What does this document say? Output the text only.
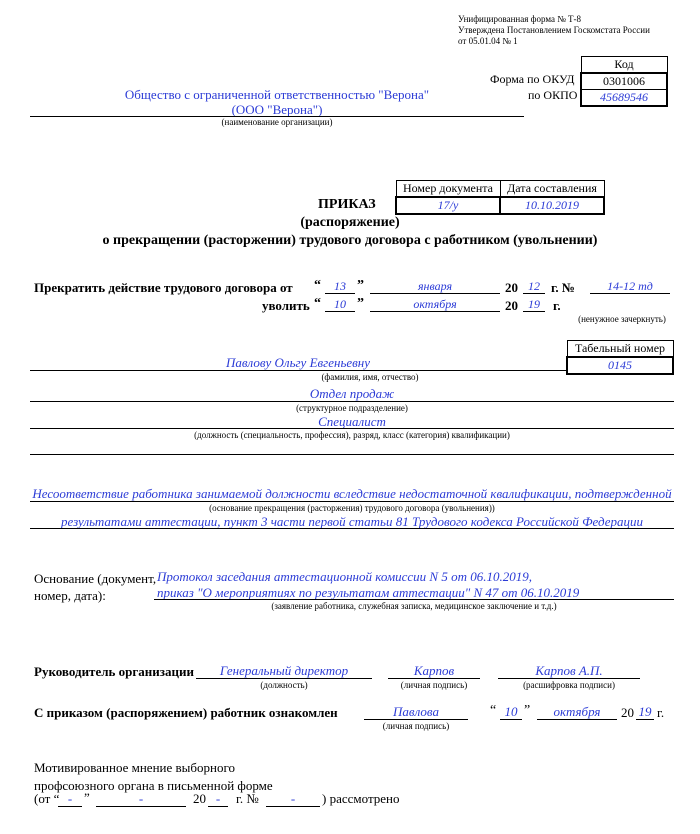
Унифицированная форма № Т-8
Утверждена Постановлением Госкомстата России
от 05.01.04 № 1
Код
0301006
45689546
Форма по ОКУД
по ОКПО
Общество с ограниченной ответственностью "Верона"
(ООО "Верона")
(наименование организации)
Номер документа	Дата составления
17/у	10.10.2019
ПРИКАЗ
(распоряжение)
о прекращении (расторжении) трудового договора с работником (увольнении)
Прекратить действие трудового договора от “	13 ”	января	20 12 г. №	14-12 тд
уволить “	10 ”	октября	20 19	г.
(ненужное зачеркнуть)
Табельный номер
0145
Павлову Ольгу Евгеньевну
(фамилия, имя, отчество)
Отдел продаж
(структурное подразделение)
Специалист
(должность (специальность, профессия), разряд, класс (категория) квалификации)
Несоответствие работника занимаемой должности вследствие недостаточной квалификации, подтвержденной
(основание прекращения (расторжения) трудового договора (увольнения))
результатами аттестации, пункт 3 части первой статьи 81 Трудового кодекса Российской Федерации
Основание (документ,
номер, дата):
Протокол заседания аттестационной комиссии N 5 от 06.10.2019,
приказ "О мероприятиях по результатам аттестации" N 47 от 06.10.2019
(заявление работника, служебная записка, медицинское заключение и т.д.)
Руководитель организации	Генеральный директор
(должность)
Карпов
(личная подпись)
Карпов А.П.
(расшифровка подписи)
С приказом (распоряжением) работник ознакомлен	Павлова
(личная подпись)
“ 10 ”	октября	20 19 г.
Мотивированное мнение выборного
профсоюзного органа в письменной форме
(от “ - ”	-	20 -	г. №	-	) рассмотрено
